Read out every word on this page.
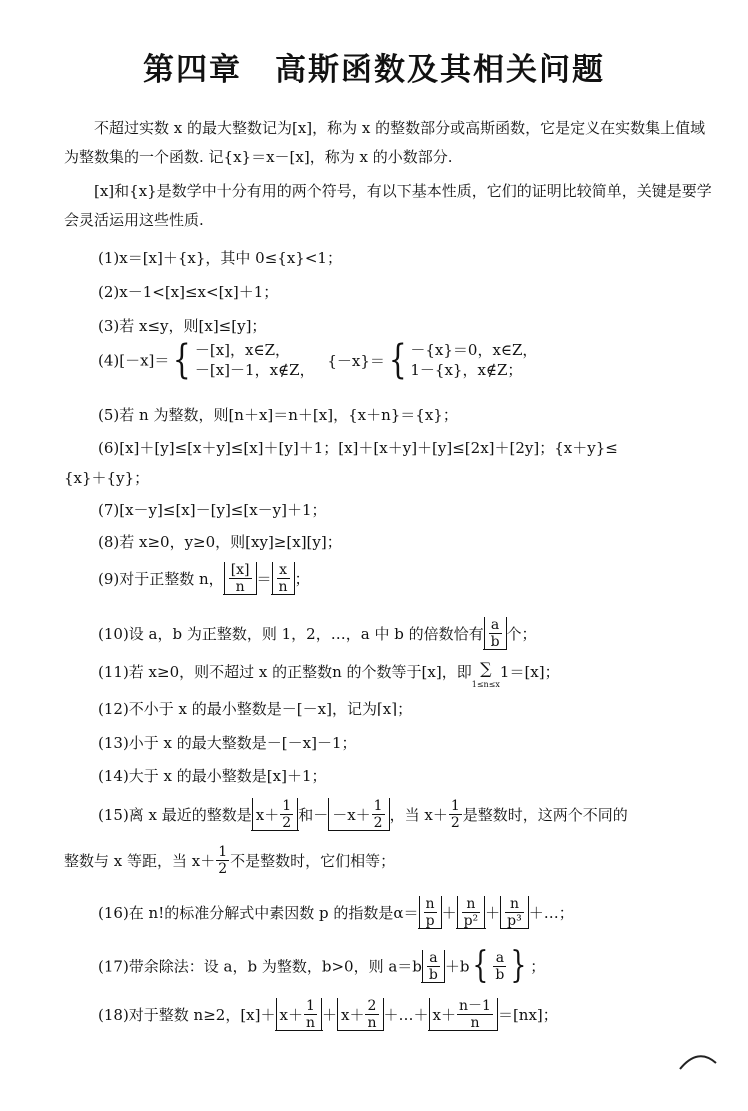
第四章　高斯函数及其相关问题

不超过实数 x 的最大整数记为[x]，称为 x 的整数部分或高斯函数，它是定义在实数集上值域为整数集的一个函数. 记{x}＝x－[x]，称为 x 的小数部分.

[x]和{x}是数学中十分有用的两个符号，有以下基本性质，它们的证明比较简单，关键是要学会灵活运用这些性质.

(1)x＝[x]＋{x}，其中 0≤{x}<1；
(2)x－1<[x]≤x<[x]＋1；
(3)若 x≤y，则[x]≤[y]；
(4)[－x]＝{ －[x]，x∈Z，
－[x]－1，x∉Z，
{－x}＝{ －{x}＝0，x∈Z，
1－{x}，x∉Z；
(5)若 n 为整数，则[n＋x]＝n＋[x]，{x＋n}＝{x}；
(6)[x]＋[y]≤[x＋y]≤[x]＋[y]＋1；[x]＋[x＋y]＋[y]≤[2x]＋[2y]；{x＋y}≤
{x}＋{y}；
(7)[x－y]≤[x]－[y]≤[x－y]＋1；
(8)若 x≥0，y≥0，则[xy]≥[x][y]；
(9)对于正整数 n， $\frac{[x]}{n} = \frac{x}{n}$ ；
(10)设 a，b 为正整数，则 1，2，…，a 中 b 的倍数恰有 $\frac{a}{b}$ 个；
(11)若 x≥0，则不超过 x 的正整数n 的个数等于[x]，即 ∑
1≤n≤x
1＝[x]；
(12)不小于 x 的最小整数是－[－x]，记为⌈x⌉；
(13)小于 x 的最大整数是－[－x]－1；
(14)大于 x 的最小整数是[x]＋1；
(15)离 x 最近的整数是 $x+ \frac{1}{2}$ 和－ $-x+ \frac{1}{2}$ ，当 $x+ \frac{1}{2}$ 是整数时，这两个不同的
整数与 x 等距，当 $x+ \frac{1}{2}$ 不是整数时，它们相等；
(16)在 n!的标准分解式中素因数 p 的指数是$\alpha= \frac{n}{p} + \frac{n}{\text{p²}} + \frac{n}{\text{p³}}$ ＋…；
(17)带余除法：设 a，b 为整数，b>0，则 $a=b \frac{a}{b} +b\{ \frac{a}{b}$ } ；
(18)对于整数 n≥2，$[x]+ x+ \frac{1}{n} + x+ \frac{2}{n}$ ＋…＋ $x+ \frac{n-1}{n} =[nx]$；
